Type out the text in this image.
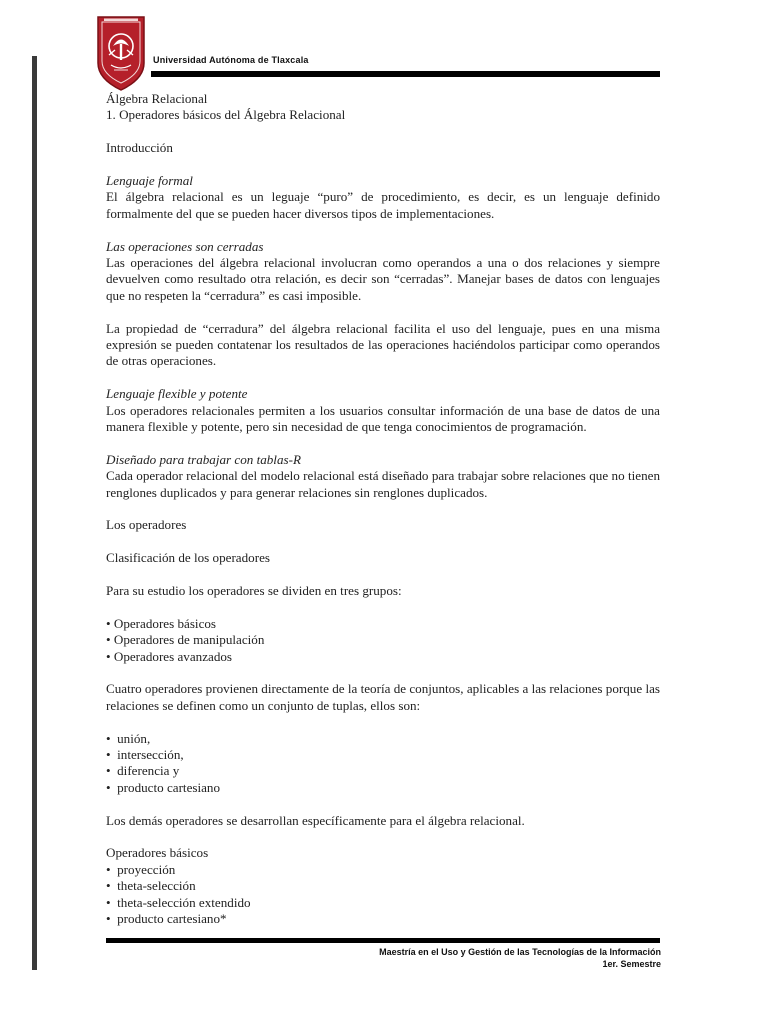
Universidad Autónoma de Tlaxcala

Álgebra Relacional

1. Operadores básicos del Álgebra Relacional

Introducción

Lenguaje formal

El álgebra relacional es un leguaje “puro” de procedimiento, es decir, es un lenguaje definido formalmente del que se pueden hacer diversos tipos de implementaciones.

Las operaciones son cerradas

Las operaciones del álgebra relacional involucran como operandos a una o dos relaciones y siempre devuelven como resultado otra relación, es decir son “cerradas”. Manejar bases de datos con lenguajes que no respeten la “cerradura” es casi imposible.

La propiedad de “cerradura” del álgebra relacional facilita el uso del lenguaje, pues en una misma expresión se pueden contatenar los resultados de las operaciones haciéndolos participar como operandos de otras operaciones.

Lenguaje flexible y potente

Los operadores relacionales permiten a los usuarios consultar información de una base de datos de una manera flexible y potente, pero sin necesidad de que tenga conocimientos de programación.

Diseñado para trabajar con tablas-R

Cada operador relacional del modelo relacional está diseñado para trabajar sobre relaciones que no tienen renglones duplicados y para generar relaciones sin renglones duplicados.

Los operadores

Clasificación de los operadores

Para su estudio los operadores se dividen en tres grupos:

• Operadores básicos

• Operadores de manipulación

• Operadores avanzados

Cuatro operadores provienen directamente de la teoría de conjuntos, aplicables a las relaciones porque las relaciones se definen como un conjunto de tuplas, ellos son:

•  unión,

•  intersección,

•  diferencia y

•  producto cartesiano

Los demás operadores se desarrollan específicamente para el álgebra relacional.

Operadores básicos

•  proyección

•  theta-selección

•  theta-selección extendido

•  producto cartesiano*

Maestría en el Uso y Gestión de las Tecnologías de la Información
1er. Semestre
